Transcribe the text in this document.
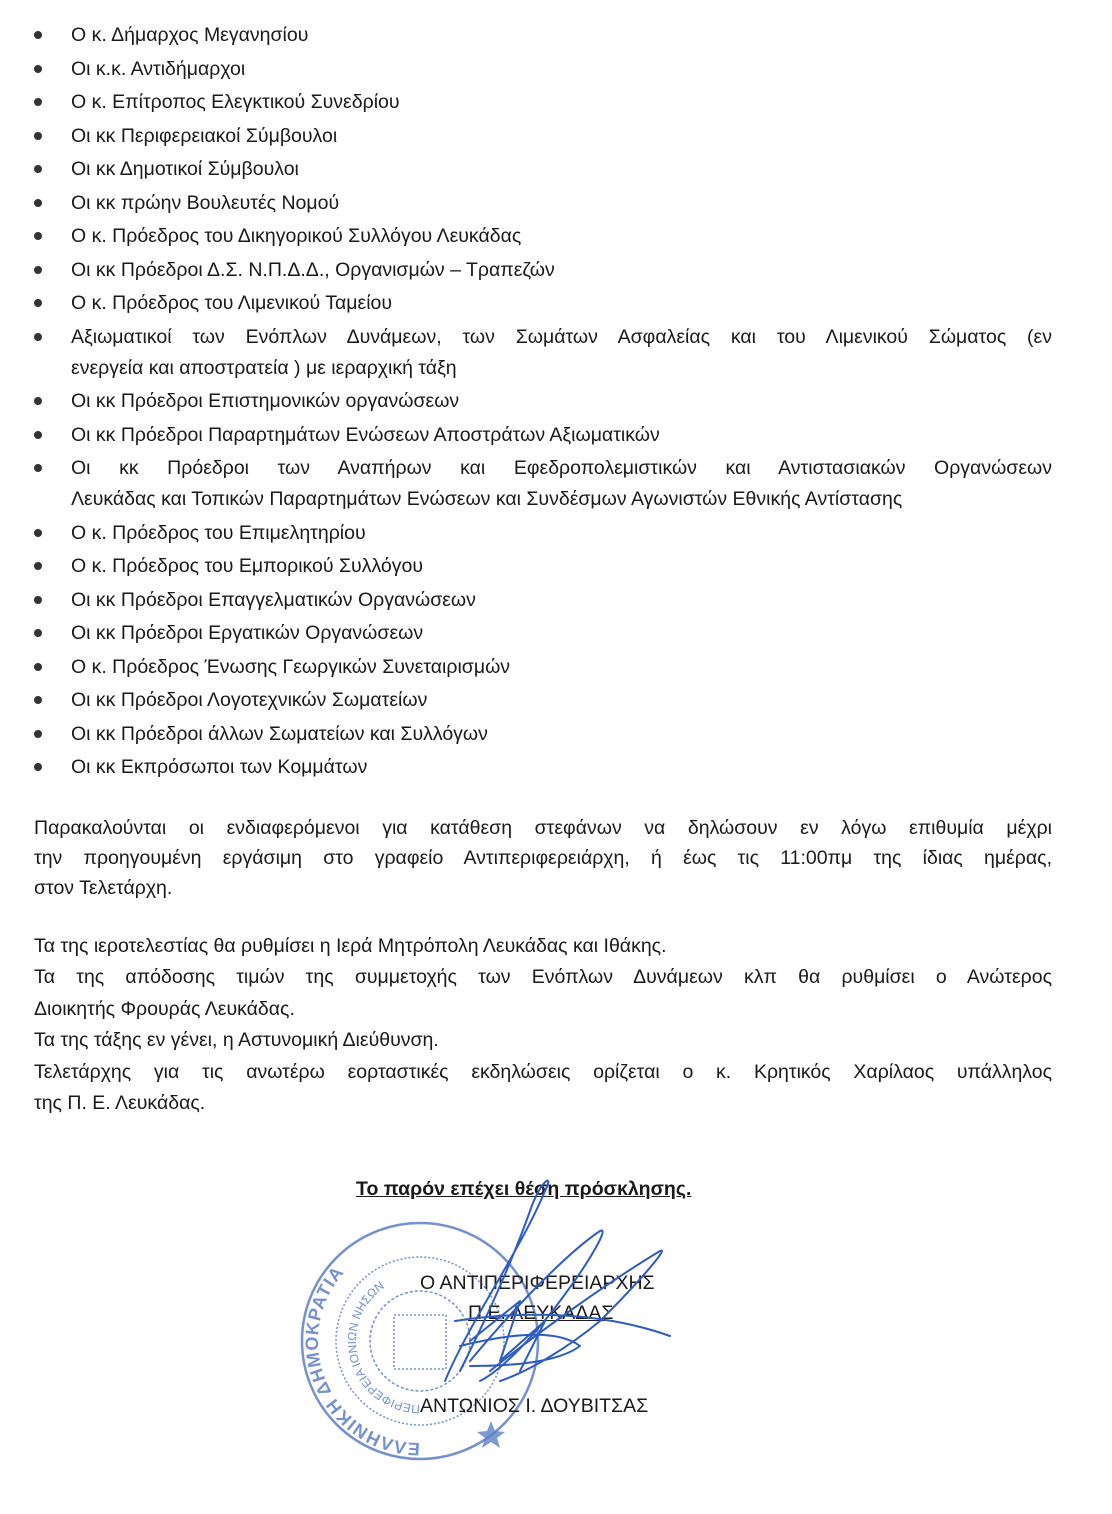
Ο κ. Δήμαρχος Μεγανησίου
Οι κ.κ. Αντιδήμαρχοι
Ο κ. Επίτροπος Ελεγκτικού Συνεδρίου
Οι κκ Περιφερειακοί Σύμβουλοι
Οι κκ Δημοτικοί Σύμβουλοι
Οι κκ πρώην Βουλευτές Νομού
Ο κ. Πρόεδρος του Δικηγορικού Συλλόγου Λευκάδας
Οι κκ Πρόεδροι Δ.Σ. Ν.Π.Δ.Δ., Οργανισμών – Τραπεζών
Ο κ. Πρόεδρος του Λιμενικού Ταμείου
Αξιωματικοί των Ενόπλων Δυνάμεων, των Σωμάτων Ασφαλείας και του Λιμενικού Σώματος (εν
ενεργεία και αποστρατεία ) με ιεραρχική τάξη
Οι κκ Πρόεδροι Επιστημονικών οργανώσεων
Οι κκ Πρόεδροι Παραρτημάτων Ενώσεων Αποστράτων Αξιωματικών
Οι κκ Πρόεδροι των Αναπήρων και Εφεδροπολεμιστικών και Αντιστασιακών Οργανώσεων
Λευκάδας και Τοπικών Παραρτημάτων Ενώσεων και Συνδέσμων Αγωνιστών Εθνικής Αντίστασης
Ο κ. Πρόεδρος του Επιμελητηρίου
Ο κ. Πρόεδρος του Εμπορικού Συλλόγου
Οι κκ Πρόεδροι Επαγγελματικών Οργανώσεων
Οι κκ Πρόεδροι Εργατικών Οργανώσεων
Ο κ. Πρόεδρος Ένωσης Γεωργικών Συνεταιρισμών
Οι κκ Πρόεδροι Λογοτεχνικών Σωματείων
Οι κκ Πρόεδροι άλλων Σωματείων και Συλλόγων
Οι κκ Εκπρόσωποι των Κομμάτων
Παρακαλούνται οι ενδιαφερόμενοι για κατάθεση στεφάνων να δηλώσουν εν λόγω επιθυμία μέχρι
την προηγουμένη εργάσιμη στο γραφείο Αντιπεριφερειάρχη, ή έως τις 11:00πμ της ίδιας ημέρας,
στον Τελετάρχη.
Τα της ιεροτελεστίας θα ρυθμίσει η Ιερά Μητρόπολη Λευκάδας και Ιθάκης.
Τα της απόδοσης τιμών της συμμετοχής των Ενόπλων Δυνάμεων κλπ θα ρυθμίσει ο Ανώτερος
Διοικητής Φρουράς Λευκάδας.
Τα της τάξης εν γένει, η Αστυνομική Διεύθυνση.
Τελετάρχης για τις ανωτέρω εορταστικές εκδηλώσεις ορίζεται ο κ. Κρητικός Χαρίλαος υπάλληλος
της Π. Ε. Λευκάδας.
Το παρόν επέχει θέση πρόσκλησης.
ΕΛΛΗΝΙΚΗ ΔΗΜΟΚΡΑΤΙΑ
ΠΕΡΙΦΕΡΕΙΑ ΙΟΝΙΩΝ ΝΗΣΩΝ	Ο ΑΝΤΙΠΕΡΙΦΕΡΕΙΑΡΧΗΣ
Π.Ε. ΛΕΥΚΑΔΑΣ
ΑΝΤΩΝΙΟΣ Ι. ΔΟΥΒΙΤΣΑΣ
